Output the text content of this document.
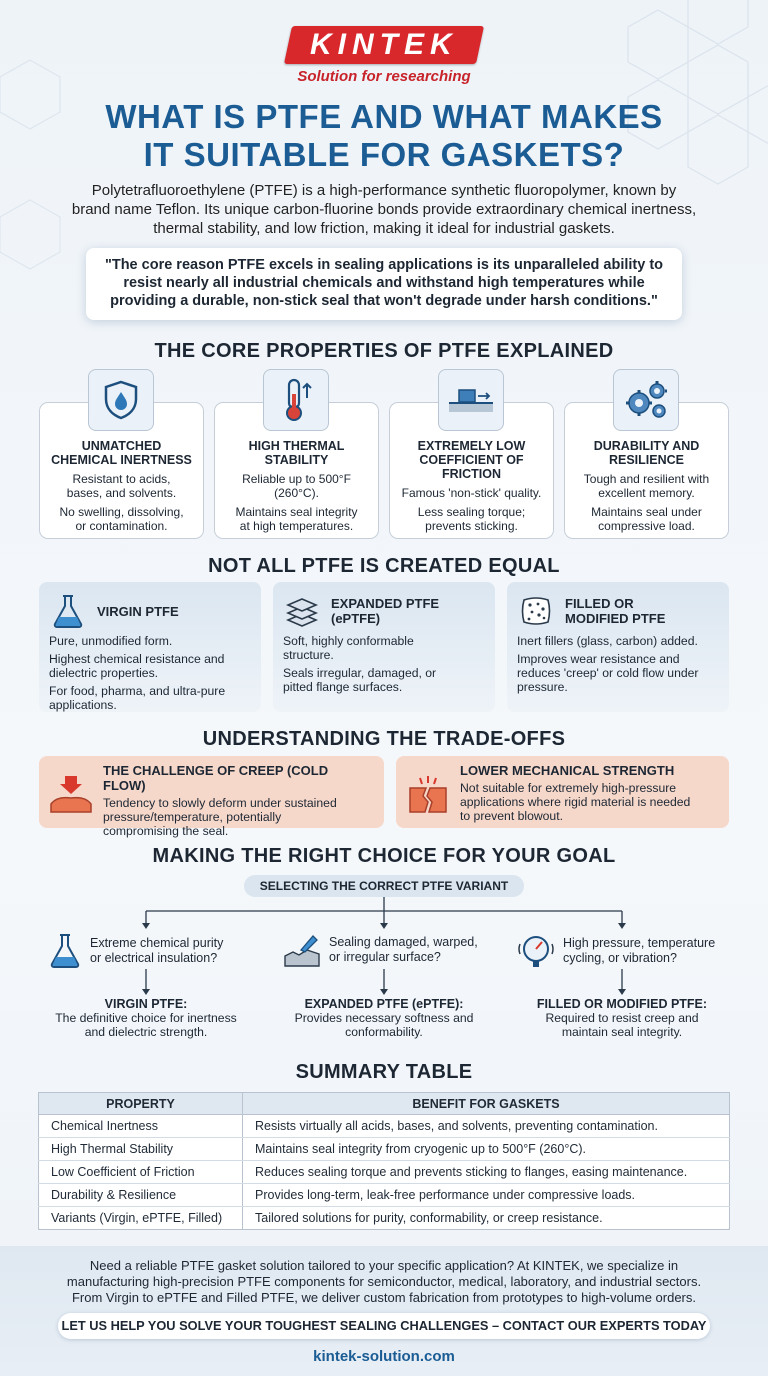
KINTEK
Solution for researching
WHAT IS PTFE AND WHAT MAKES
IT SUITABLE FOR GASKETS?
Polytetrafluoroethylene (PTFE) is a high-performance synthetic fluoropolymer, known by
brand name Teflon. Its unique carbon-fluorine bonds provide extraordinary chemical inertness,
thermal stability, and low friction, making it ideal for industrial gaskets.
"The core reason PTFE excels in sealing applications is its unparalleled ability to
resist nearly all industrial chemicals and withstand high temperatures while
providing a durable, non-stick seal that won't degrade under harsh conditions."
THE CORE PROPERTIES OF PTFE EXPLAINED
UNMATCHED
CHEMICAL INERTNESS
Resistant to acids,
bases, and solvents.
No swelling, dissolving,
or contamination.
HIGH THERMAL
STABILITY
Reliable up to 500°F
(260°C).
Maintains seal integrity
at high temperatures.
EXTREMELY LOW
COEFFICIENT OF FRICTION
Famous 'non-stick' quality.
Less sealing torque;
prevents sticking.
DURABILITY AND
RESILIENCE
Tough and resilient with
excellent memory.
Maintains seal under
compressive load.
NOT ALL PTFE IS CREATED EQUAL
VIRGIN PTFE
Pure, unmodified form.
Highest chemical resistance and
dielectric properties.
For food, pharma, and ultra-pure
applications.
EXPANDED PTFE
(ePTFE)
Soft, highly conformable
structure.
Seals irregular, damaged, or
pitted flange surfaces.
FILLED OR
MODIFIED PTFE
Inert fillers (glass, carbon) added.
Improves wear resistance and
reduces 'creep' or cold flow under
pressure.
UNDERSTANDING THE TRADE-OFFS
THE CHALLENGE OF CREEP (COLD FLOW)
Tendency to slowly deform under sustained
pressure/temperature, potentially
compromising the seal.
LOWER MECHANICAL STRENGTH
Not suitable for extremely high-pressure
applications where rigid material is needed
to prevent blowout.
MAKING THE RIGHT CHOICE FOR YOUR GOAL
SELECTING THE CORRECT PTFE VARIANT
Extreme chemical purity
or electrical insulation?
Sealing damaged, warped,
or irregular surface?
High pressure, temperature
cycling, or vibration?
VIRGIN PTFE:
The definitive choice for inertness
and dielectric strength.
EXPANDED PTFE (ePTFE):
Provides necessary softness and
conformability.
FILLED OR MODIFIED PTFE:
Required to resist creep and
maintain seal integrity.
SUMMARY TABLE
PROPERTY	BENEFIT FOR GASKETS
Chemical Inertness	Resists virtually all acids, bases, and solvents, preventing contamination.
High Thermal Stability	Maintains seal integrity from cryogenic up to 500°F (260°C).
Low Coefficient of Friction	Reduces sealing torque and prevents sticking to flanges, easing maintenance.
Durability & Resilience	Provides long-term, leak-free performance under compressive loads.
Variants (Virgin, ePTFE, Filled)	Tailored solutions for purity, conformability, or creep resistance.
Need a reliable PTFE gasket solution tailored to your specific application? At KINTEK, we specialize in
manufacturing high-precision PTFE components for semiconductor, medical, laboratory, and industrial sectors.
From Virgin to ePTFE and Filled PTFE, we deliver custom fabrication from prototypes to high-volume orders.
LET US HELP YOU SOLVE YOUR TOUGHEST SEALING CHALLENGES – CONTACT OUR EXPERTS TODAY
kintek-solution.com
